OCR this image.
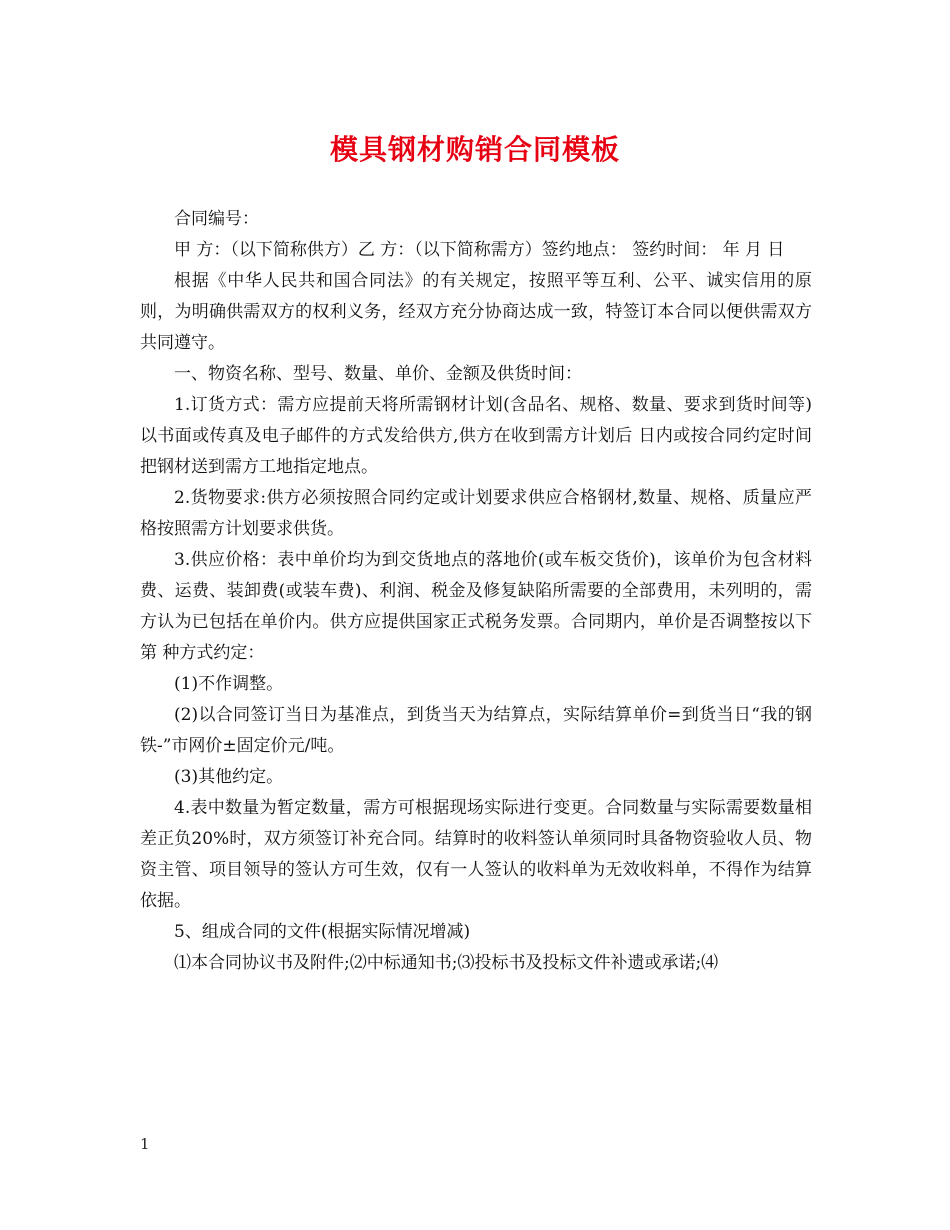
模具钢材购销合同模板

合同编号：

甲 方：（以下简称供方）乙 方：（以下简称需方）签约地点： 签约时间： 年 月 日

根据《中华人民共和国合同法》的有关规定，按照平等互利、公平、诚实信用的原则，为明确供需双方的权利义务，经双方充分协商达成一致，特签订本合同以便供需双方共同遵守。

一、物资名称、型号、数量、单价、金额及供货时间：

1.订货方式：需方应提前天将所需钢材计划(含品名、规格、数量、要求到货时间等)以书面或传真及电子邮件的方式发给供方,供方在收到需方计划后 日内或按合同约定时间把钢材送到需方工地指定地点。

2.货物要求:供方必须按照合同约定或计划要求供应合格钢材,数量、规格、质量应严格按照需方计划要求供货。

3.供应价格：表中单价均为到交货地点的落地价(或车板交货价)，该单价为包含材料费、运费、装卸费(或装车费)、利润、税金及修复缺陷所需要的全部费用，未列明的，需方认为已包括在单价内。供方应提供国家正式税务发票。合同期内，单价是否调整按以下第 种方式约定：

(1)不作调整。

(2)以合同签订当日为基准点，到货当天为结算点，实际结算单价=到货当日“我的钢铁-”市网价±固定价元/吨。

(3)其他约定。

4.表中数量为暂定数量，需方可根据现场实际进行变更。合同数量与实际需要数量相差正负20%时，双方须签订补充合同。结算时的收料签认单须同时具备物资验收人员、物资主管、项目领导的签认方可生效，仅有一人签认的收料单为无效收料单，不得作为结算依据。

5、组成合同的文件(根据实际情况增减)

⑴本合同协议书及附件;⑵中标通知书;⑶投标书及投标文件补遗或承诺;⑷

1
